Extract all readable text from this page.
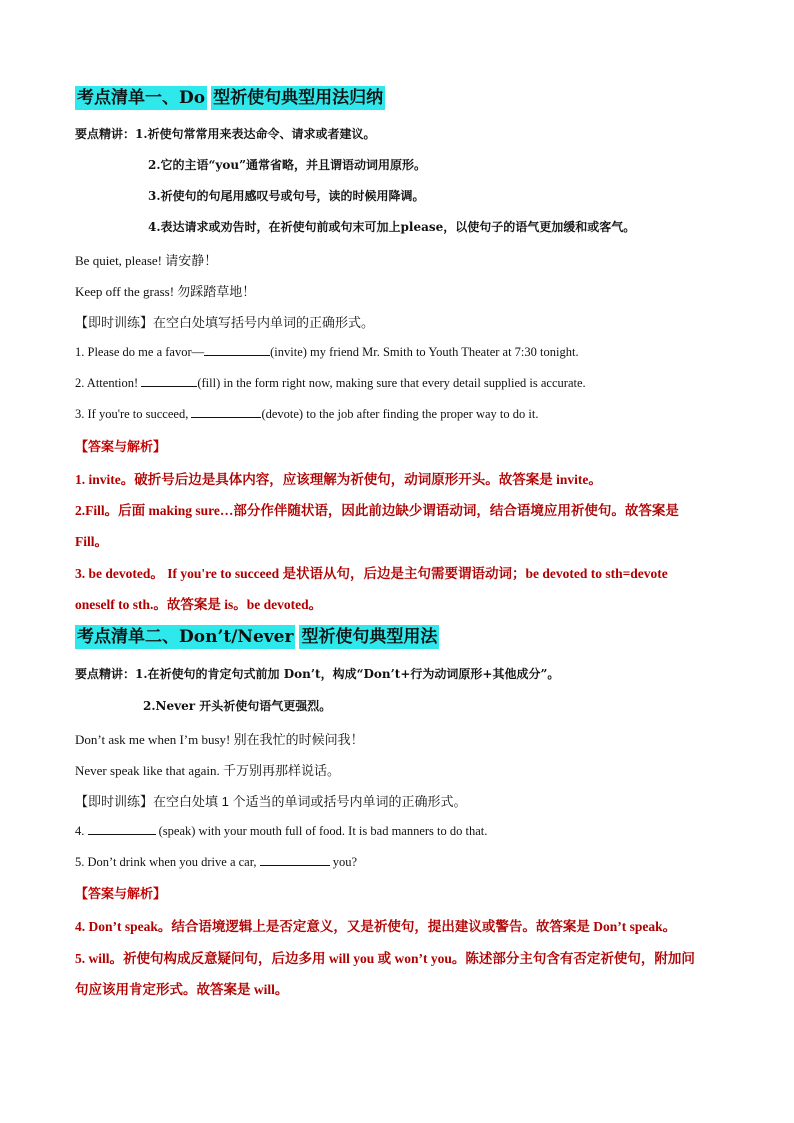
考点清单一、Do 型祈使句典型用法归纳
要点精讲：1.祈使句常常用来表达命令、请求或者建议。
2.它的主语“you”通常省略，并且谓语动词用原形。
3.祈使句的句尾用感叹号或句号，读的时候用降调。
4.表达请求或劝告时，在祈使句前或句末可加上please，以使句子的语气更加缓和或客气。
Be quiet, please! 请安静！
Keep off the grass! 勿踩踏草地！
【即时训练】在空白处填写括号内单词的正确形式。
1. Please do me a favor—	(invite) my friend Mr. Smith to Youth Theater at 7:30 tonight.
2. Attention!	(fill) in the form right now, making sure that every detail supplied is accurate.
3. If you're to succeed,	(devote) to the job after finding the proper way to do it.
【答案与解析】
1. invite。破折号后边是具体内容，应该理解为祈使句，动词原形开头。故答案是 invite。
2.Fill。后面 making sure…部分作伴随状语，因此前边缺少谓语动词，结合语境应用祈使句。故答案是
Fill。
3. be devoted。 If you're to succeed 是状语从句，后边是主句需要谓语动词；be devoted to sth=devote
oneself to sth.。故答案是 is。be devoted。
考点清单二、Don’t/Never 型祈使句典型用法
要点精讲：1.在祈使句的肯定句式前加 Don’t，构成“Don’t+行为动词原形+其他成分”。
2.Never 开头祈使句语气更强烈。
Don’t ask me when I’m busy! 别在我忙的时候问我！
Never speak like that again. 千万别再那样说话。
【即时训练】在空白处填 1 个适当的单词或括号内单词的正确形式。
4.	(speak) with your mouth full of food. It is bad manners to do that.
5. Don’t drink when you drive a car,	you?
【答案与解析】
4. Don’t speak。结合语境逻辑上是否定意义，又是祈使句，提出建议或警告。故答案是 Don’t speak。
5. will。祈使句构成反意疑问句，后边多用 will you 或 won’t you。陈述部分主句含有否定祈使句，附加问
句应该用肯定形式。故答案是 will。
